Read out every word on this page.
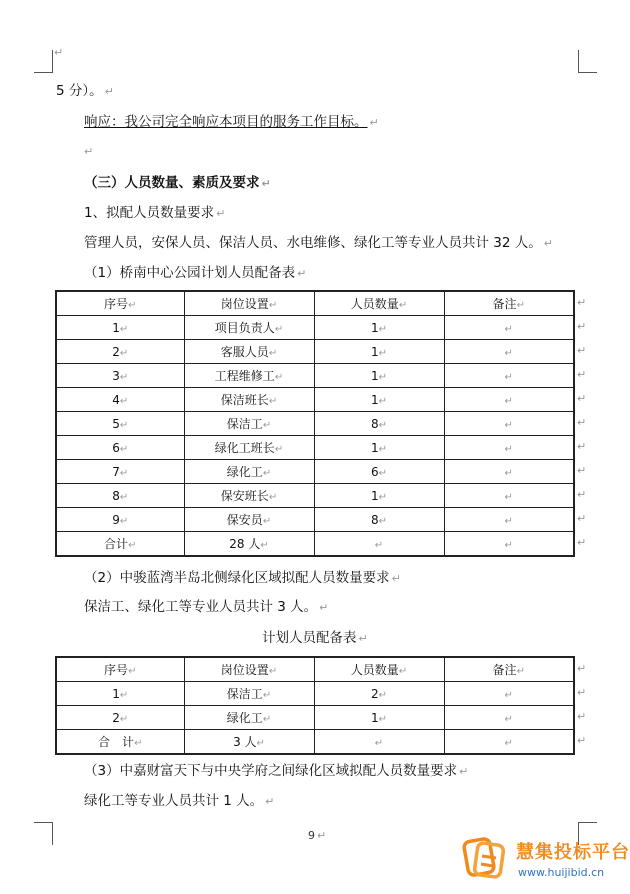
↵
5 分）。 ↵
响应：我公司完全响应本项目的服务工作目标。 ↵
↵
（三）人员数量、素质及要求 ↵
1、拟配人员数量要求 ↵
管理人员，安保人员、保洁人员、水电维修、绿化工等专业人员共计 32 人。 ↵
（1）桥南中心公园计划人员配备表 ↵
序号↵	岗位设置↵	人员数量↵	备注↵
1↵	项目负责人↵	1↵	↵
2↵	客服人员↵	1↵	↵
3↵	工程维修工↵	1↵	↵
4↵	保洁班长↵	1↵	↵
5↵	保洁工↵	8↵	↵
6↵	绿化工班长↵	1↵	↵
7↵	绿化工↵	6↵	↵
8↵	保安班长↵	1↵	↵
9↵	保安员↵	8↵	↵
合计↵	28 人↵	↵	↵
（2）中骏蓝湾半岛北侧绿化区域拟配人员数量要求 ↵
保洁工、绿化工等专业人员共计 3 人。 ↵
计划人员配备表 ↵
序号↵	岗位设置↵	人员数量↵	备注↵
1↵	保洁工↵	2↵	↵
2↵	绿化工↵	1↵	↵
合　计↵	3 人↵	↵	↵
（3）中嘉财富天下与中央学府之间绿化区域拟配人员数量要求 ↵
绿化工等专业人员共计 1 人。 ↵
9 ↵
慧集投标平台
www.huijibid.cn
↵
↵
↵
↵
↵
↵
↵
↵
↵
↵
↵
↵
↵
↵
↵
